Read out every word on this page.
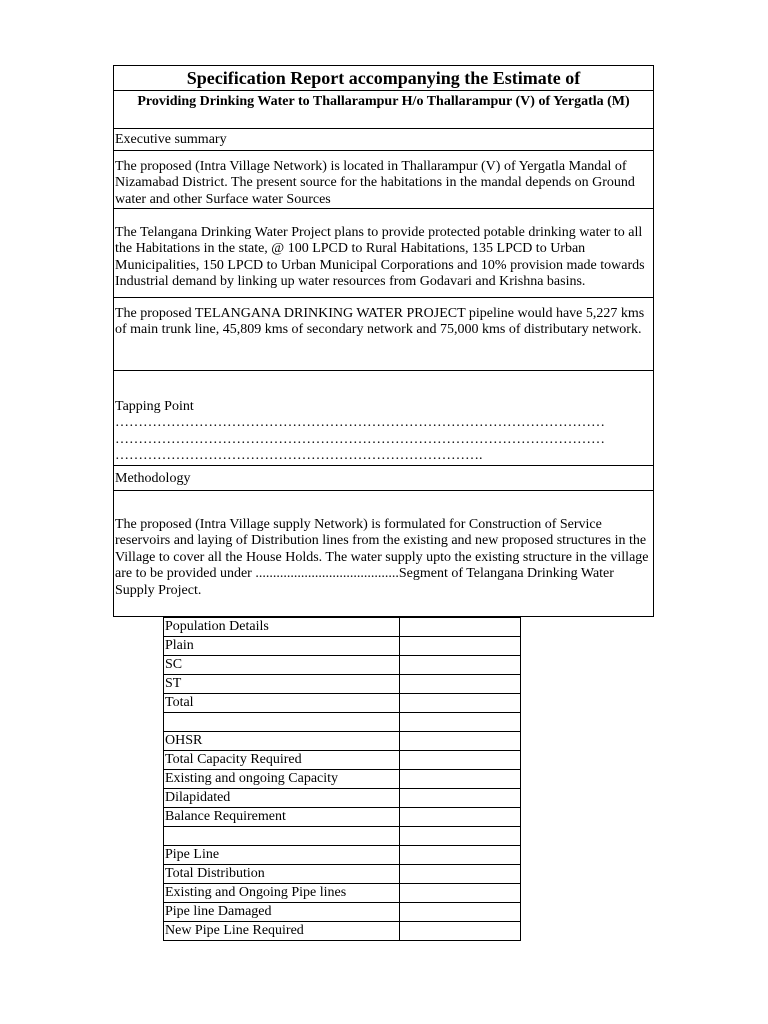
Specification Report accompanying the Estimate of
Providing Drinking Water to Thallarampur H/o Thallarampur (V) of Yergatla (M)
Executive summary
The proposed (Intra Village Network) is located in Thallarampur (V) of Yergatla Mandal of Nizamabad District. The present source for the habitations in the mandal depends on Ground water and other Surface water Sources
The Telangana Drinking Water Project plans to provide protected potable drinking water to all the Habitations in the state, @ 100 LPCD to Rural Habitations, 135 LPCD to Urban Municipalities, 150 LPCD to Urban Municipal Corporations and 10% provision made towards Industrial demand by linking up water resources from Godavari and Krishna basins.
The proposed TELANGANA DRINKING WATER PROJECT pipeline would have 5,227 kms of main trunk line, 45,809 kms of secondary network and 75,000 kms of distributary network.
Tapping Point
……………………………………………………………………………………………
……………………………………………………………………………………………
…………………………………………………………………….
Methodology
The proposed (Intra Village supply Network) is formulated for Construction of Service reservoirs and laying of Distribution lines from the existing and new proposed structures in the Village to cover all the House Holds. The water supply upto the existing structure in the village are to be provided under .........................................Segment of Telangana Drinking Water Supply Project.
Population Details	
Plain	
SC	
ST	
Total	

OHSR	
Total Capacity Required	
Existing and ongoing Capacity	
Dilapidated	
Balance Requirement	

Pipe Line	
Total Distribution	
Existing and Ongoing Pipe lines	
Pipe line Damaged	
New Pipe Line Required	
